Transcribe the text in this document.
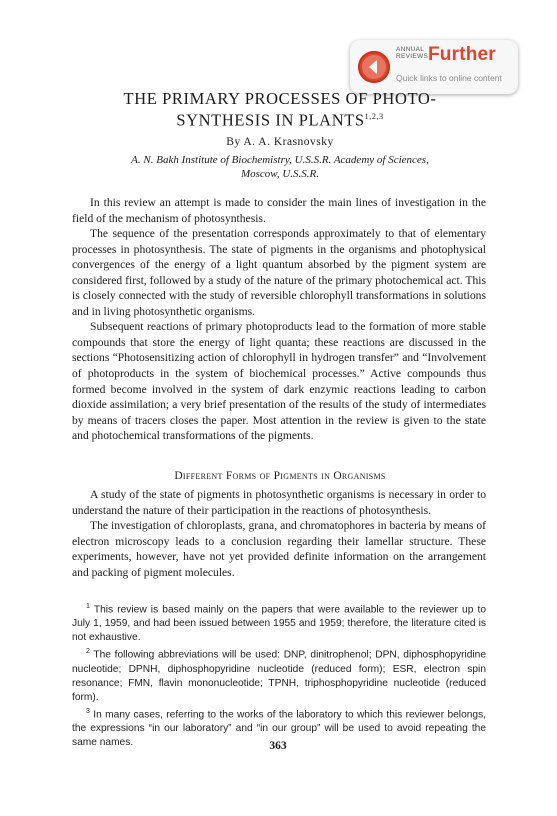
ANNUAL
REVIEWS Further
Quick links to online content
THE PRIMARY PROCESSES OF PHOTO-
SYNTHESIS IN PLANTS$^{1,2,3}$
By A. A. Krasnovsky
A. N. Bakh Institute of Biochemistry, U.S.S.R. Academy of Sciences,
Moscow, U.S.S.R.

In this review an attempt is made to consider the main lines of investigation in the field of the mechanism of photosynthesis.

The sequence of the presentation corresponds approximately to that of elementary processes in photosynthesis. The state of pigments in the organisms and photophysical convergences of the energy of a light quantum absorbed by the pigment system are considered first, followed by a study of the nature of the primary photochemical act. This is closely connected with the study of reversible chlorophyll transformations in solutions and in living photosynthetic organisms.

Subsequent reactions of primary photoproducts lead to the formation of more stable compounds that store the energy of light quanta; these reactions are discussed in the sections “Photosensitizing action of chlorophyll in hydrogen transfer” and “Involvement of photoproducts in the system of biochemical processes.” Active compounds thus formed become involved in the system of dark enzymic reactions leading to carbon dioxide assimilation; a very brief presentation of the results of the study of intermediates by means of tracers closes the paper. Most attention in the review is given to the state and photochemical transformations of the pigments.

Different Forms of Pigments in Organisms

A study of the state of pigments in photosynthetic organisms is necessary in order to understand the nature of their participation in the reactions of photosynthesis.

The investigation of chloroplasts, grana, and chromatophores in bacteria by means of electron microscopy leads to a conclusion regarding their lamellar structure. These experiments, however, have not yet provided definite information on the arrangement and packing of pigment molecules.

$^1$ This review is based mainly on the papers that were available to the reviewer up to July 1, 1959, and had been issued between 1955 and 1959; therefore, the literature cited is not exhaustive.

$^2$ The following abbreviations will be used: DNP, dinitrophenol; DPN, diphosphopyridine nucleotide; DPNH, diphosphopyridine nucleotide (reduced form); ESR, electron spin resonance; FMN, flavin mononucleotide; TPNH, triphosphopyridine nucleotide (reduced form).

$^3$ In many cases, referring to the works of the laboratory to which this reviewer belongs, the expressions “in our laboratory” and “in our group” will be used to avoid repeating the same names.	363
